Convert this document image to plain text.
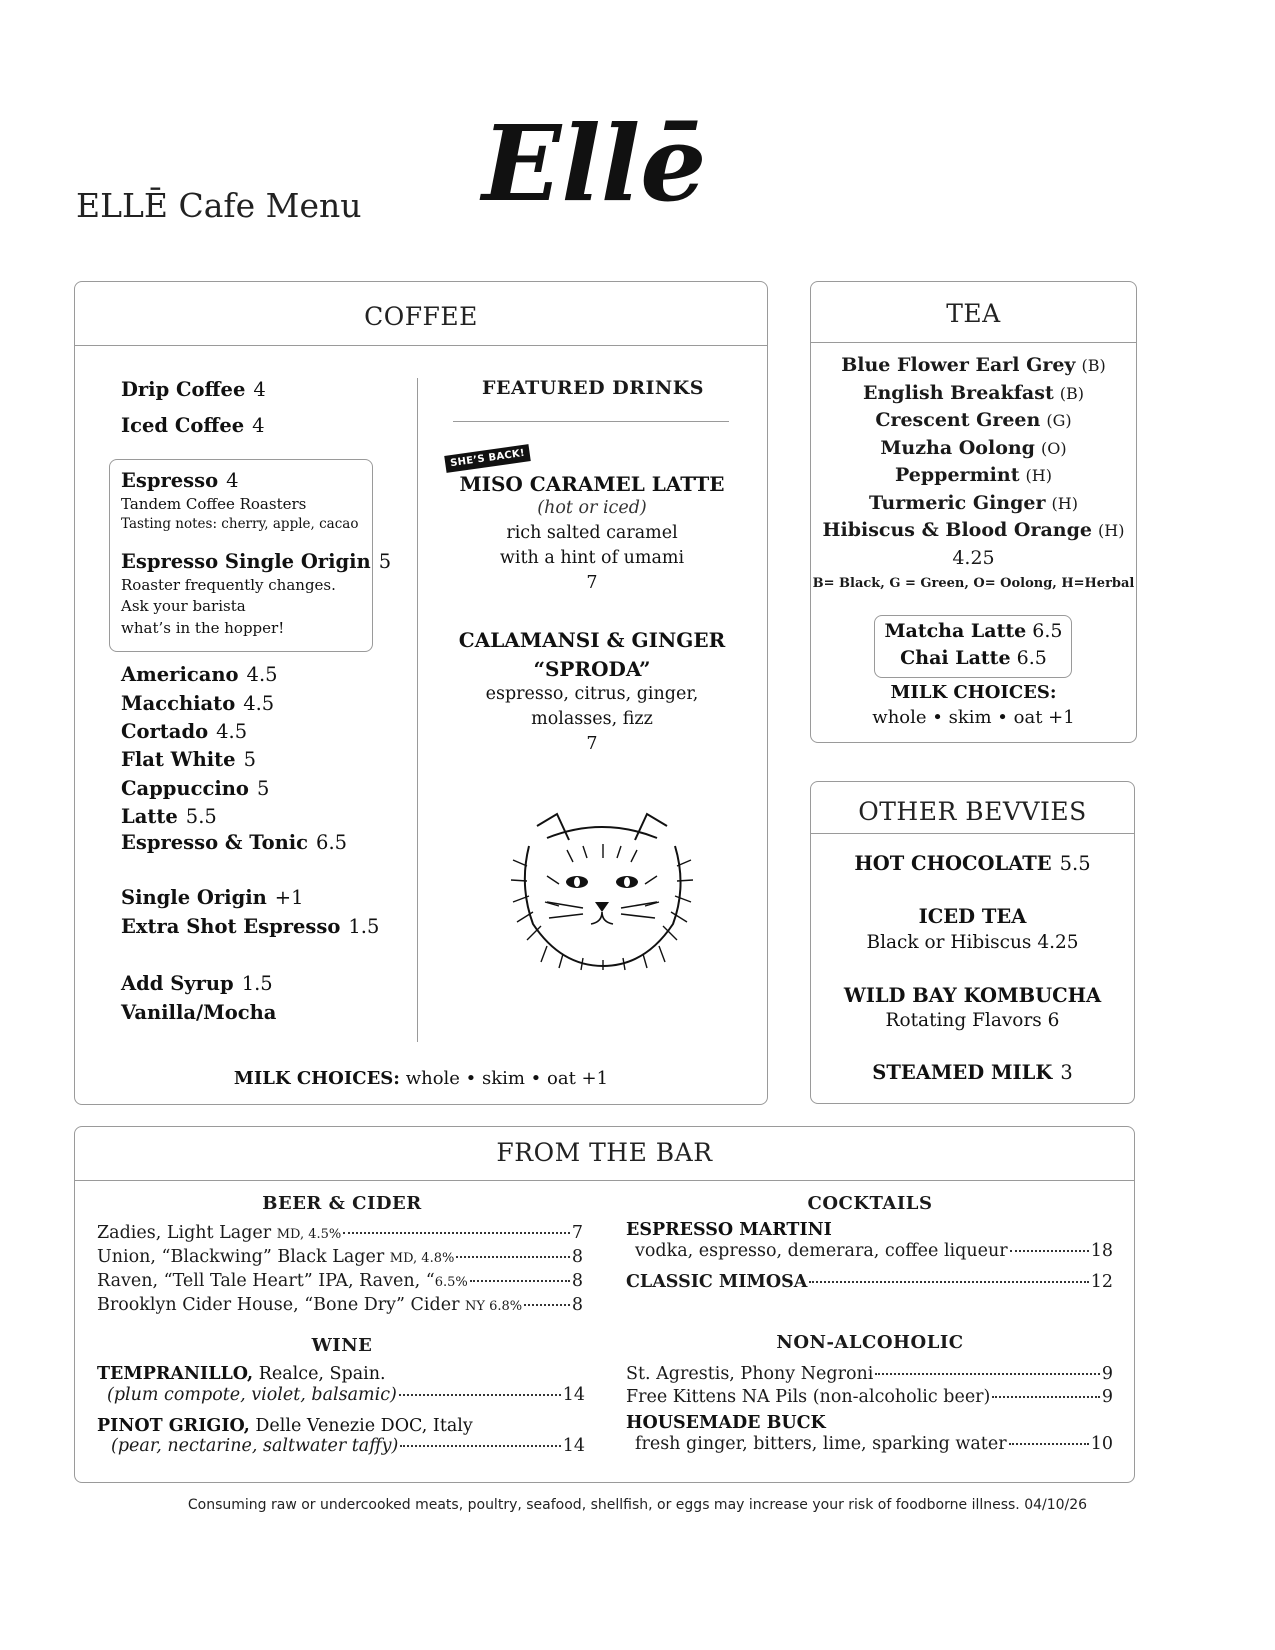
ELLĒ Cafe Menu Ellē
COFFEE
Drip Coffee 4
Iced Coffee 4
Espresso 4
Tandem Coffee Roasters
Tasting notes: cherry, apple, cacao
Espresso Single Origin 5
Roaster frequently changes.
Ask your barista
what’s in the hopper!
Americano 4.5
Macchiato 4.5
Cortado 4.5
Flat White 5
Cappuccino 5
Latte 5.5
Espresso & Tonic 6.5
Single Origin +1
Extra Shot Espresso 1.5
Add Syrup 1.5
Vanilla/Mocha
MILK CHOICES: whole • skim • oat +1
FEATURED DRINKS
SHE’S BACK!
MISO CARAMEL LATTE
(hot or iced)
rich salted caramel
with a hint of umami
7
CALAMANSI & GINGER
“SPRODA”
espresso, citrus, ginger,
molasses, fizz
7
TEA
Blue Flower Earl Grey (B)
English Breakfast (B)
Crescent Green (G)
Muzha Oolong (O)
Peppermint (H)
Turmeric Ginger (H)
Hibiscus & Blood Orange (H)
4.25
B= Black, G = Green, O= Oolong, H=Herbal
Matcha Latte 6.5
Chai Latte 6.5
MILK CHOICES:
whole • skim • oat +1
OTHER BEVVIES
HOT CHOCOLATE 5.5
ICED TEA
Black or Hibiscus 4.25
WILD BAY KOMBUCHA
Rotating Flavors 6
STEAMED MILK 3
FROM THE BAR
BEER & CIDER
Zadies, Light Lager MD, 4.5%	7
Union, “Blackwing” Black Lager MD, 4.8%	8
Raven, “Tell Tale Heart” IPA, Raven, “6.5%	8
Brooklyn Cider House, “Bone Dry” Cider NY 6.8%	8
WINE
TEMPRANILLO, Realce, Spain.
(plum compote, violet, balsamic)	14
PINOT GRIGIO, Delle Venezie DOC, Italy
(pear, nectarine, saltwater taffy)	14
COCKTAILS
ESPRESSO MARTINI
vodka, espresso, demerara, coffee liqueur	18
CLASSIC MIMOSA	12
NON-ALCOHOLIC
St. Agrestis, Phony Negroni	9
Free Kittens NA Pils (non-alcoholic beer)	9
HOUSEMADE BUCK
fresh ginger, bitters, lime, sparking water	10
Consuming raw or undercooked meats, poultry, seafood, shellfish, or eggs may increase your risk of foodborne illness. 04/10/26
